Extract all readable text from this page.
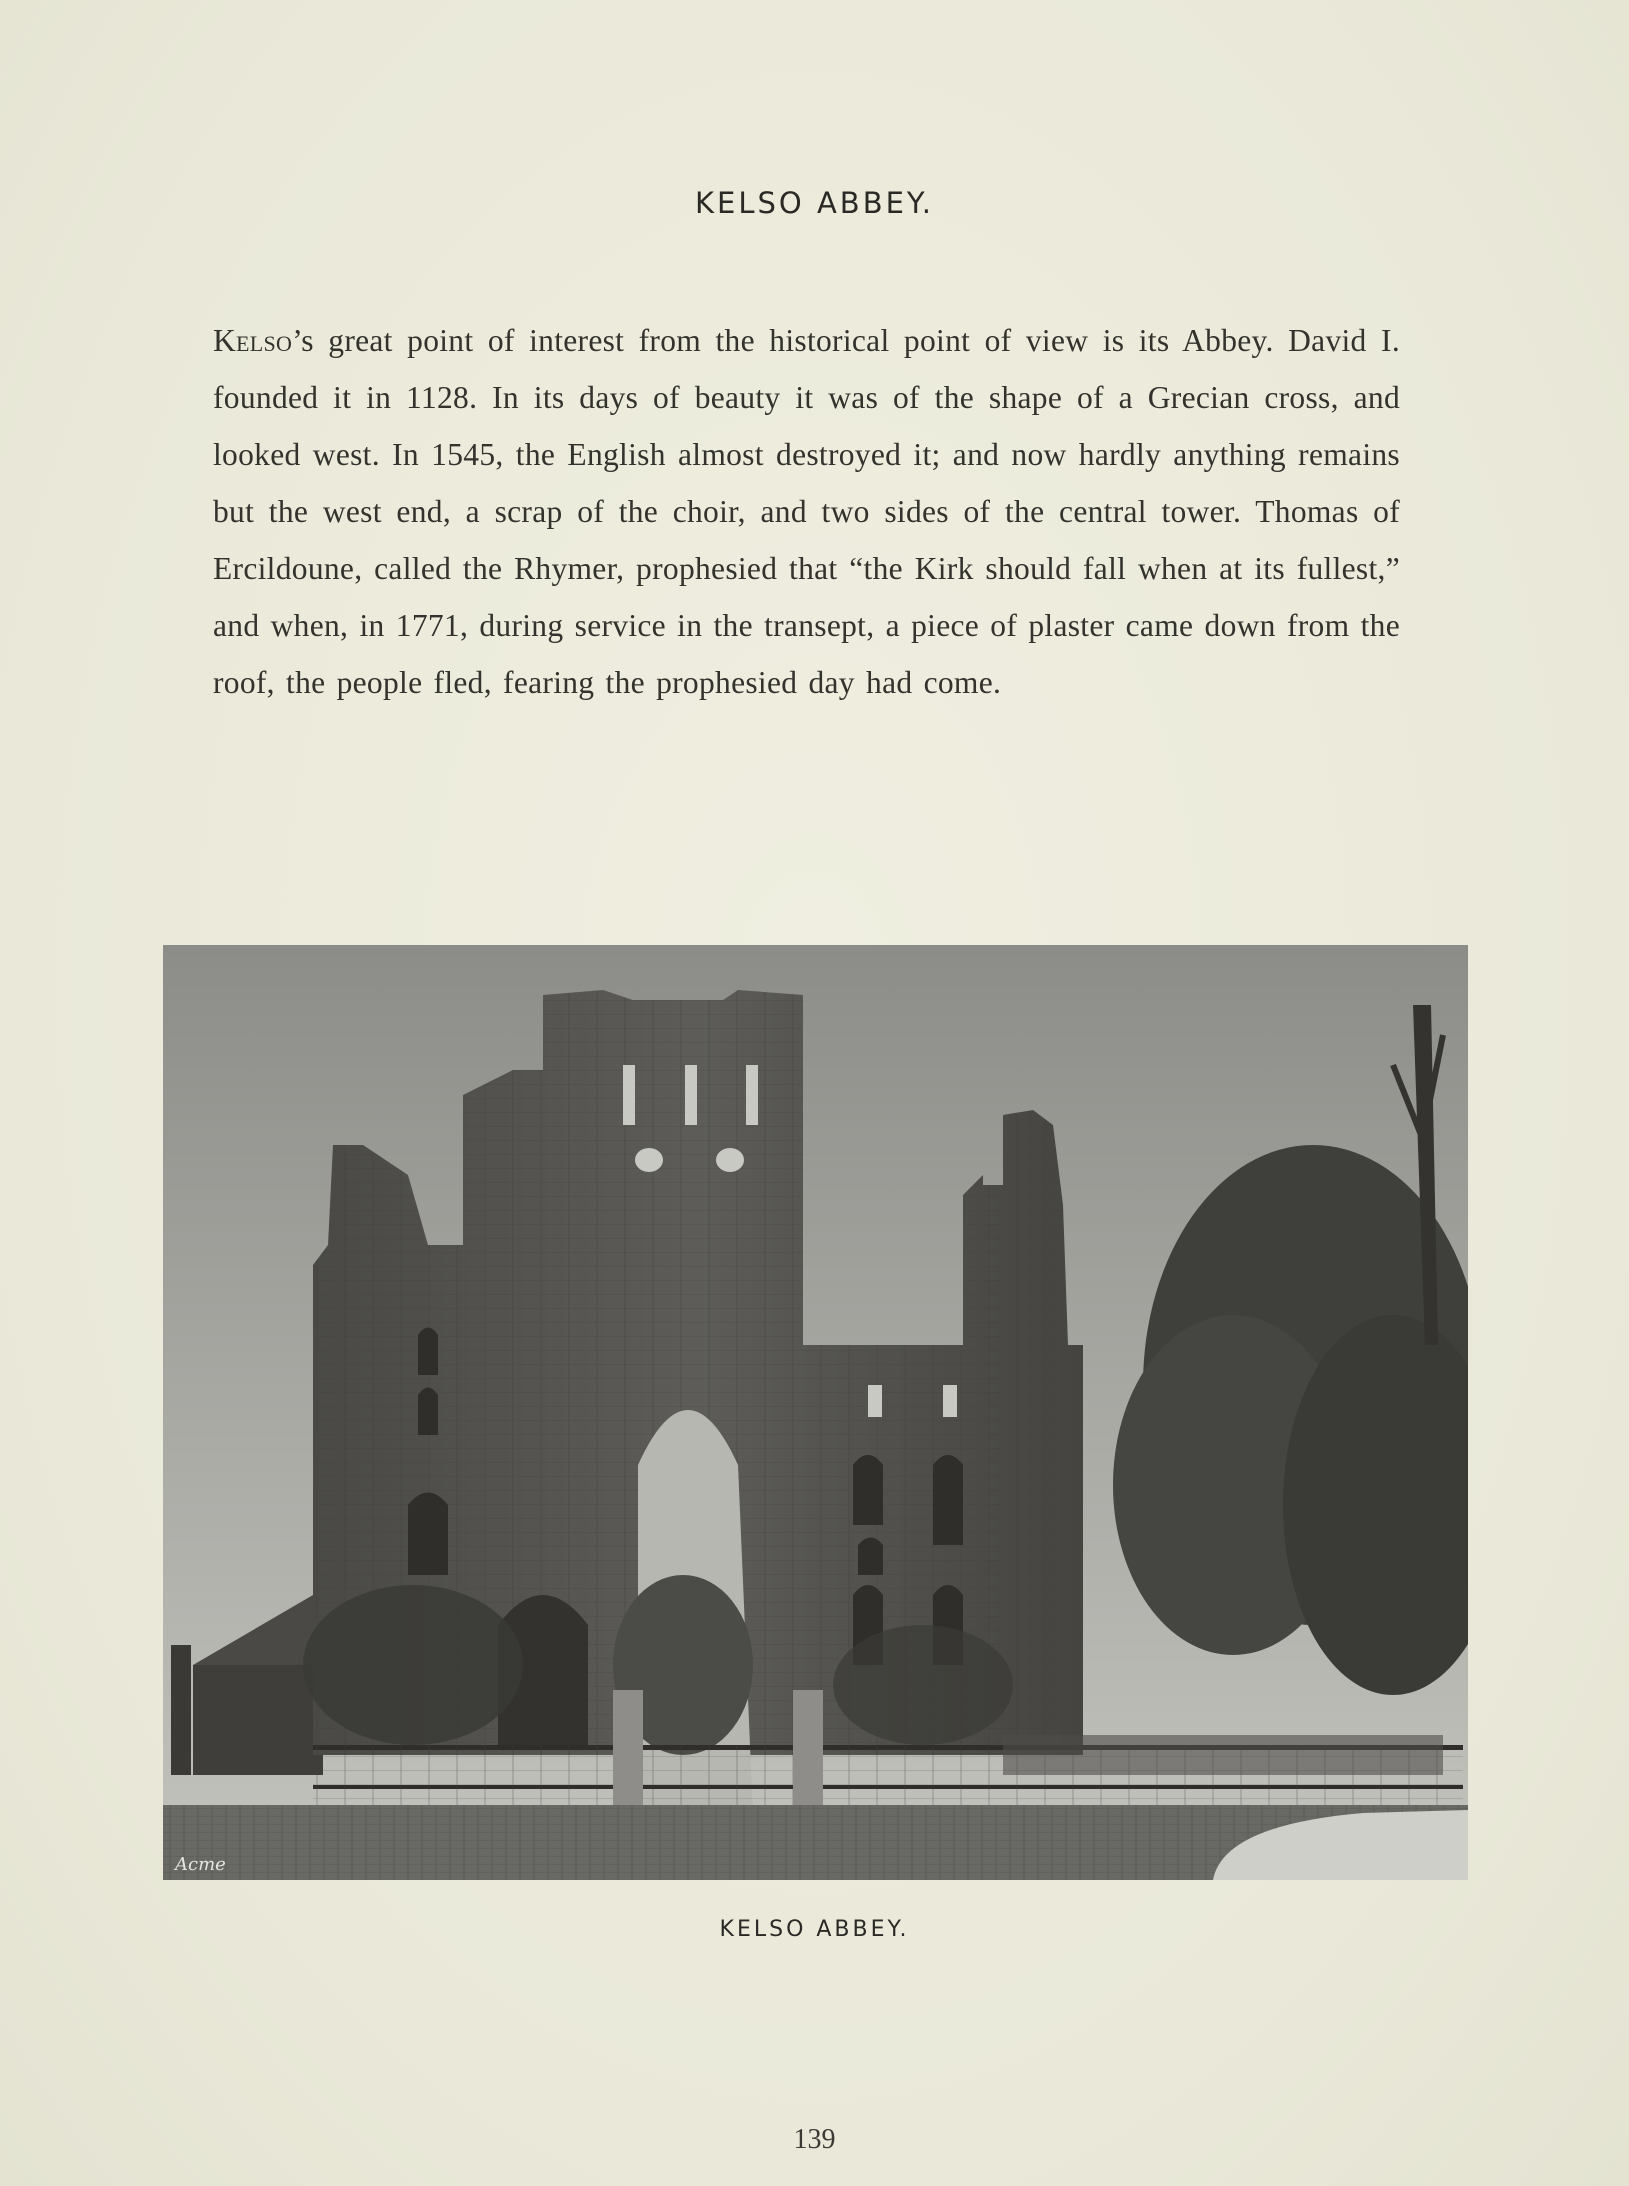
KELSO ABBEY.
Kelso’s great point of interest from the historical point of view is its Abbey. David I. founded it in 1128. In its days of beauty it was of the shape of a Grecian cross, and looked west. In 1545, the English almost destroyed it; and now hardly anything remains but the west end, a scrap of the choir, and two sides of the central tower. Thomas of Ercildoune, called the Rhymer, prophesied that “the Kirk should fall when at its fullest,” and when, in 1771, during service in the transept, a piece of plaster came down from the roof, the people fled, fearing the prophesied day had come.
Acme
KELSO ABBEY.
139
